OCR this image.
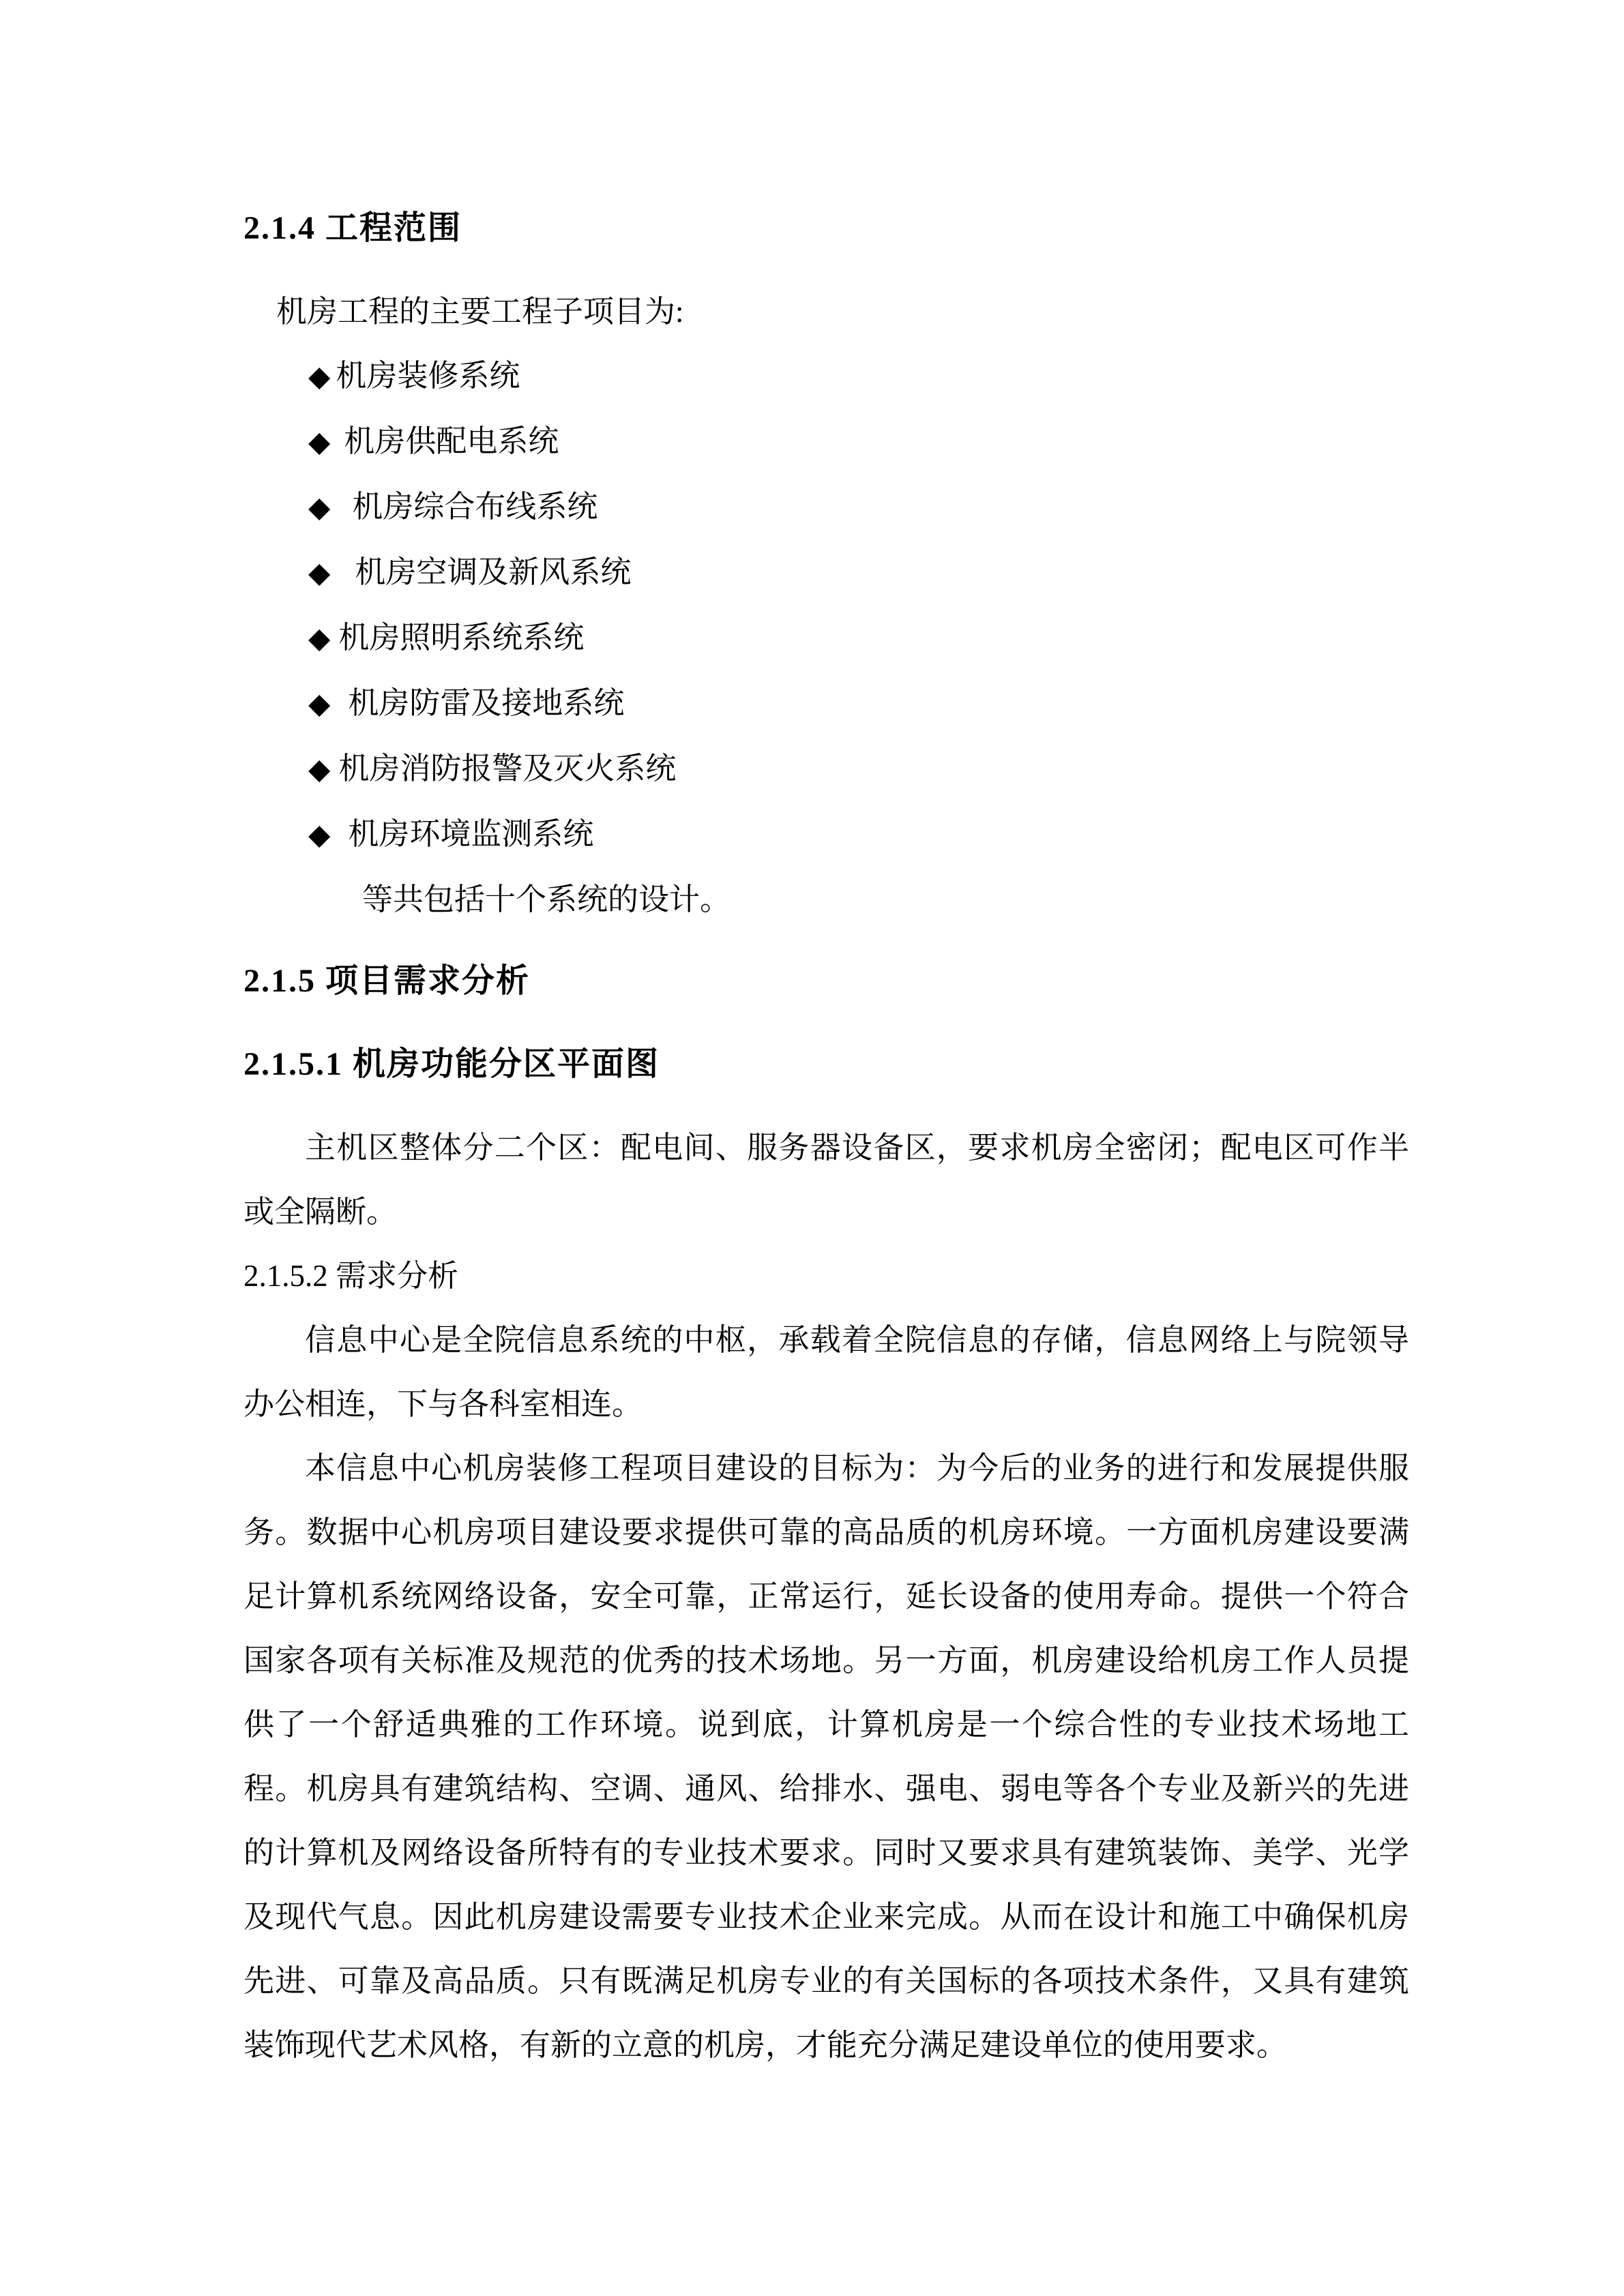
2.1.4 工程范围

机房工程的主要工程子项目为:

◆ 机房装修系统
◆ 机房供配电系统
◆ 机房综合布线系统
◆ 机房空调及新风系统
◆ 机房照明系统系统
◆ 机房防雷及接地系统
◆ 机房消防报警及灭火系统
◆ 机房环境监测系统

等共包括十个系统的设计。

2.1.5 项目需求分析
2.1.5.1 机房功能分区平面图

主机区整体分二个区：配电间、服务器设备区，要求机房全密闭；配电区可作半或全隔断。

2.1.5.2 需求分析

信息中心是全院信息系统的中枢，承载着全院信息的存储，信息网络上与院领导办公相连，下与各科室相连。

本信息中心机房装修工程项目建设的目标为：为今后的业务的进行和发展提供服务。数据中心机房项目建设要求提供可靠的高品质的机房环境。一方面机房建设要满足计算机系统网络设备，安全可靠，正常运行，延长设备的使用寿命。提供一个符合国家各项有关标准及规范的优秀的技术场地。另一方面，机房建设给机房工作人员提供了一个舒适典雅的工作环境。说到底，计算机房是一个综合性的专业技术场地工程。机房具有建筑结构、空调、通风、给排水、强电、弱电等各个专业及新兴的先进的计算机及网络设备所特有的专业技术要求。同时又要求具有建筑装饰、美学、光学及现代气息。因此机房建设需要专业技术企业来完成。从而在设计和施工中确保机房先进、可靠及高品质。只有既满足机房专业的有关国标的各项技术条件，又具有建筑装饰现代艺术风格，有新的立意的机房，才能充分满足建设单位的使用要求。
